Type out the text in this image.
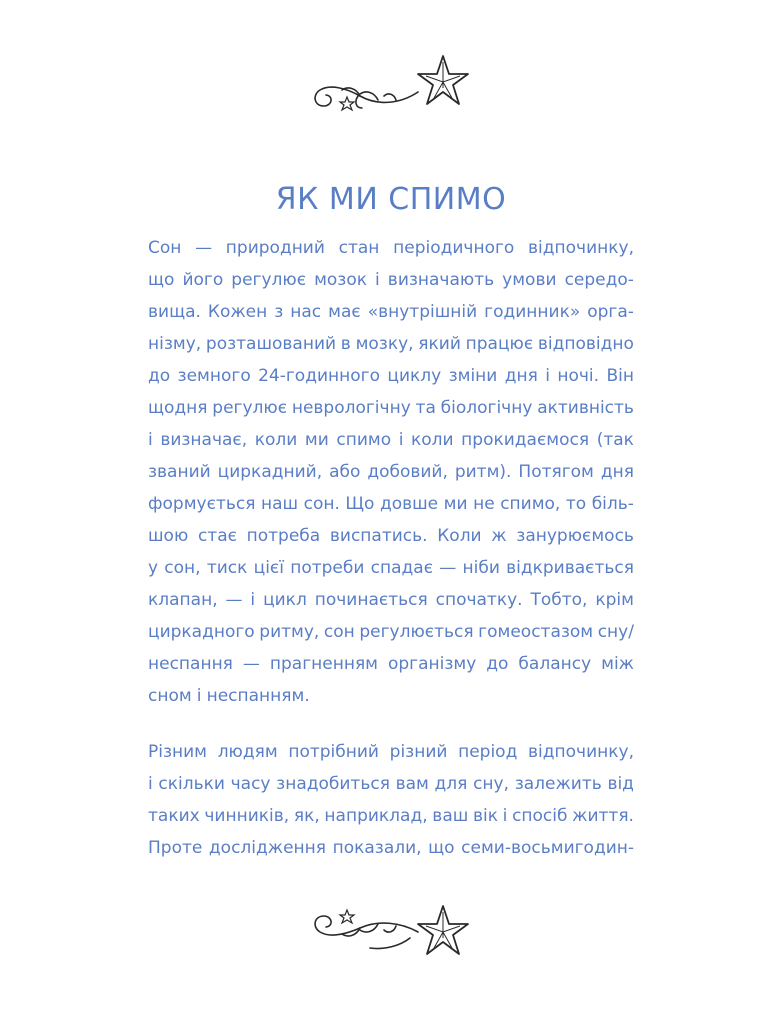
ЯК МИ СПИМО
Сон — природний стан періодичного відпочинку,
що його регулює мозок і визначають умови середо-
вища. Кожен з нас має «внутрішній годинник» орга-
нізму, розташований в мозку, який працює відповідно
до земного 24-годинного циклу зміни дня і ночі. Він
щодня регулює неврологічну та біологічну активність
і визначає, коли ми спимо і коли прокидаємося (так
званий циркадний, або добовий, ритм). Потягом дня
формується наш сон. Що довше ми не спимо, то біль-
шою стає потреба виспатись. Коли ж занурюємось
у сон, тиск цієї потреби спадає — ніби відкривається
клапан, — і цикл починається спочатку. Тобто, крім
циркадного ритму, сон регулюється гомеостазом сну/
неспання — прагненням організму до балансу між
сном і неспанням.
Різним людям потрібний різний період відпочинку,
і скільки часу знадобиться вам для сну, залежить від
таких чинників, як, наприклад, ваш вік і спосіб життя.
Проте дослідження показали, що семи-восьмигодин-
